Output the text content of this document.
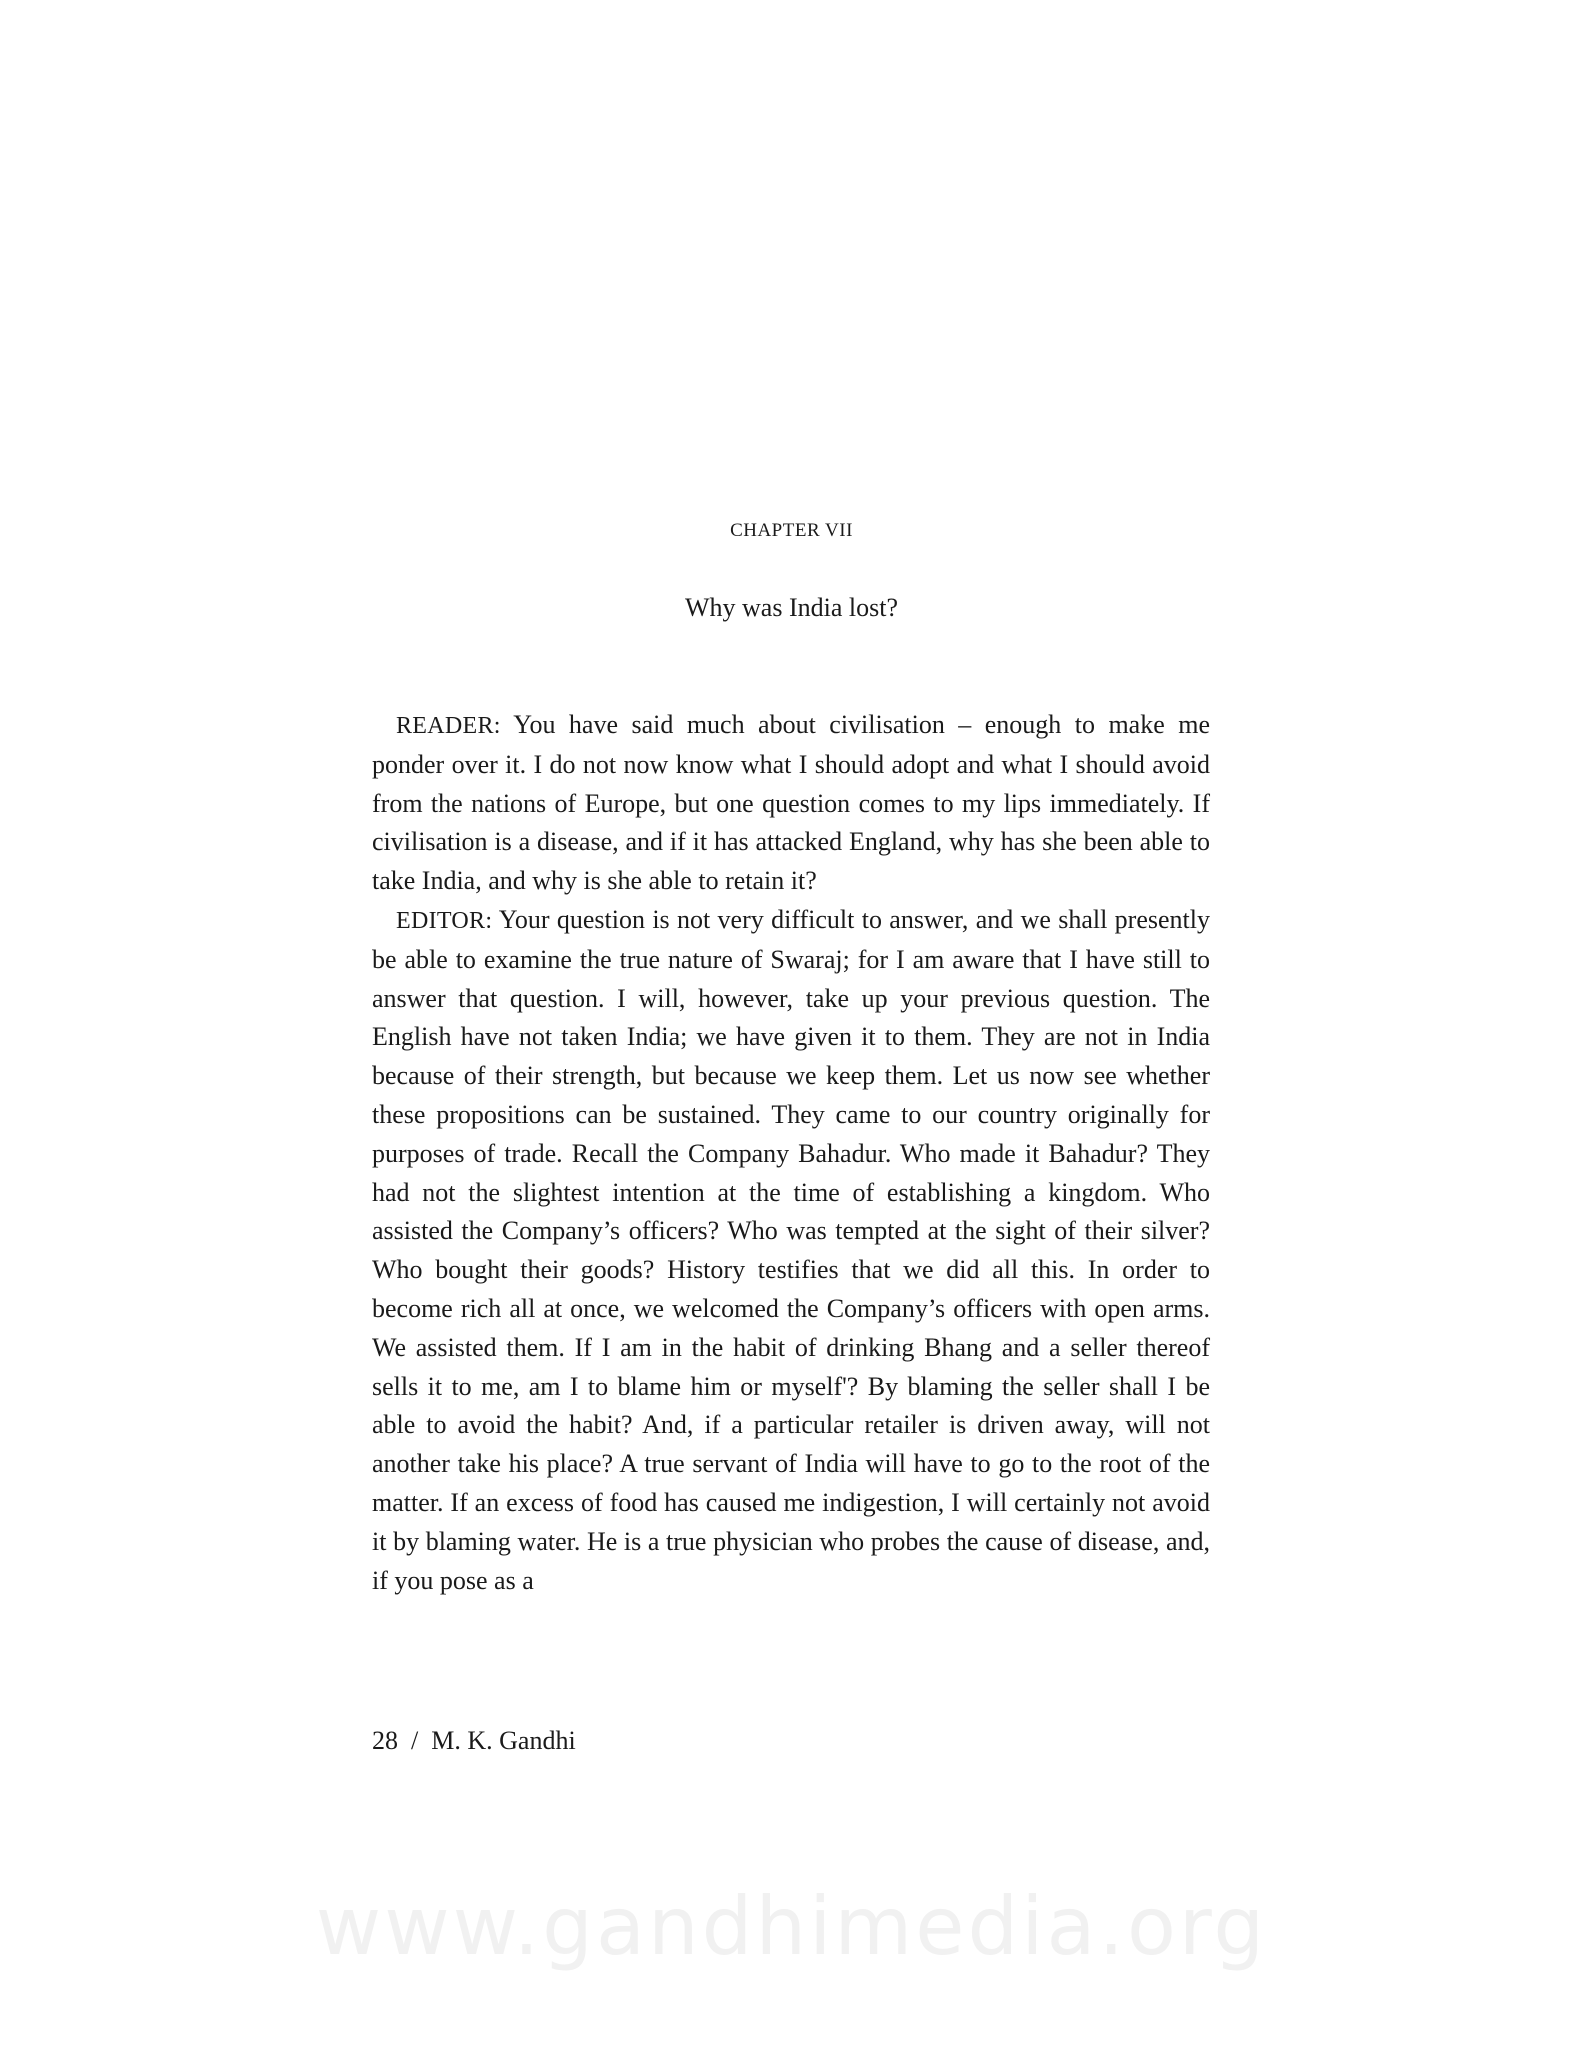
CHAPTER VII
Why was India lost?

READER: You have said much about civilisation – enough to make me ponder over it. I do not now know what I should adopt and what I should avoid from the nations of Europe, but one question comes to my lips immediately. If civilisation is a disease, and if it has attacked England, why has she been able to take India, and why is she able to retain it?

EDITOR: Your question is not very difficult to answer, and we shall presently be able to examine the true nature of Swaraj; for I am aware that I have still to answer that question. I will, however, take up your previous question. The English have not taken India; we have given it to them. They are not in India because of their strength, but because we keep them. Let us now see whether these propositions can be sustained. They came to our country originally for purposes of trade. Recall the Company Bahadur. Who made it Bahadur? They had not the slightest intention at the time of establishing a kingdom. Who assisted the Company’s officers? Who was tempted at the sight of their silver? Who bought their goods? History testifies that we did all this. In order to become rich all at once, we welcomed the Company’s officers with open arms. We assisted them. If I am in the habit of drinking Bhang and a seller thereof sells it to me, am I to blame him or myself'? By blaming the seller shall I be able to avoid the habit? And, if a particular retailer is driven away, will not another take his place? A true servant of India will have to go to the root of the matter. If an excess of food has caused me indigestion, I will certainly not avoid it by blaming water. He is a true physician who probes the cause of disease, and, if you pose as a

28 / M. K. Gandhi
www.gandhimedia.org
